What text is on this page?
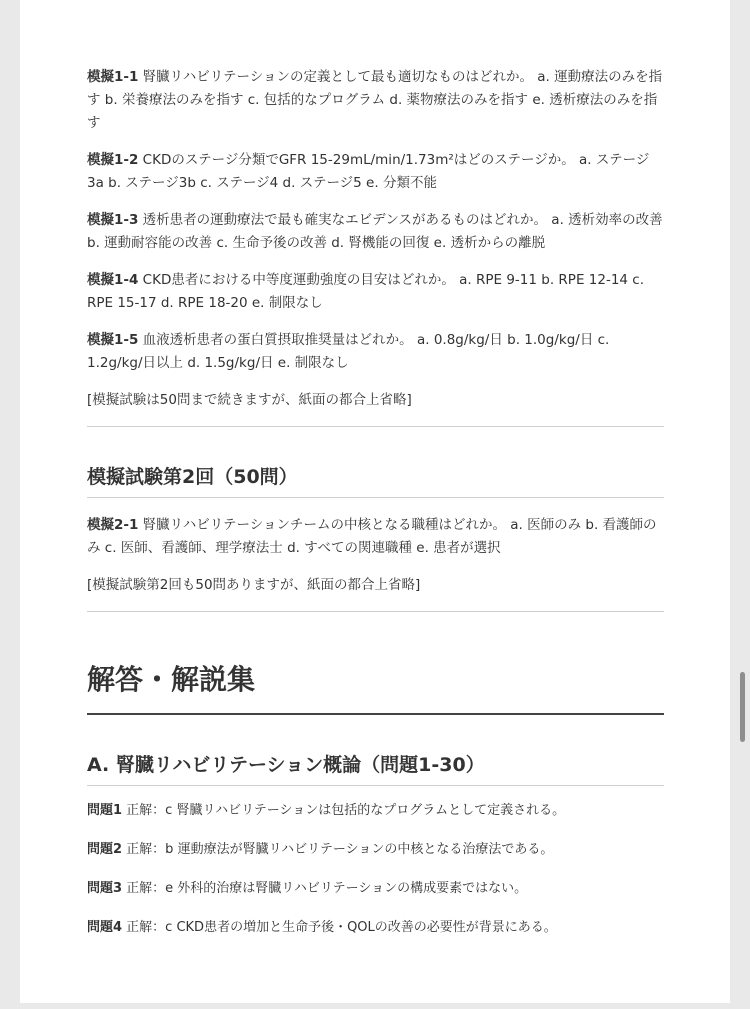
模擬1-1 腎臓リハビリテーションの定義として最も適切なものはどれか。 a. 運動療法のみを指す b. 栄養療法のみを指す c. 包括的なプログラム d. 薬物療法のみを指す e. 透析療法のみを指す

模擬1-2 CKDのステージ分類でGFR 15-29mL/min/1.73m²はどのステージか。 a. ステージ3a b. ステージ3b c. ステージ4 d. ステージ5 e. 分類不能

模擬1-3 透析患者の運動療法で最も確実なエビデンスがあるものはどれか。 a. 透析効率の改善 b. 運動耐容能の改善 c. 生命予後の改善 d. 腎機能の回復 e. 透析からの離脱

模擬1-4 CKD患者における中等度運動強度の目安はどれか。 a. RPE 9-11 b. RPE 12-14 c. RPE 15-17 d. RPE 18-20 e. 制限なし

模擬1-5 血液透析患者の蛋白質摂取推奨量はどれか。 a. 0.8g/kg/日 b. 1.0g/kg/日 c. 1.2g/kg/日以上 d. 1.5g/kg/日 e. 制限なし

[模擬試験は50問まで続きますが、紙面の都合上省略]

模擬試験第2回（50問）

模擬2-1 腎臓リハビリテーションチームの中核となる職種はどれか。 a. 医師のみ b. 看護師のみ c. 医師、看護師、理学療法士 d. すべての関連職種 e. 患者が選択

[模擬試験第2回も50問ありますが、紙面の都合上省略]

解答・解説集
A. 腎臓リハビリテーション概論（問題1-30）

問題1 正解：c 腎臓リハビリテーションは包括的なプログラムとして定義される。

問題2 正解：b 運動療法が腎臓リハビリテーションの中核となる治療法である。

問題3 正解：e 外科的治療は腎臓リハビリテーションの構成要素ではない。

問題4 正解：c CKD患者の増加と生命予後・QOLの改善の必要性が背景にある。
